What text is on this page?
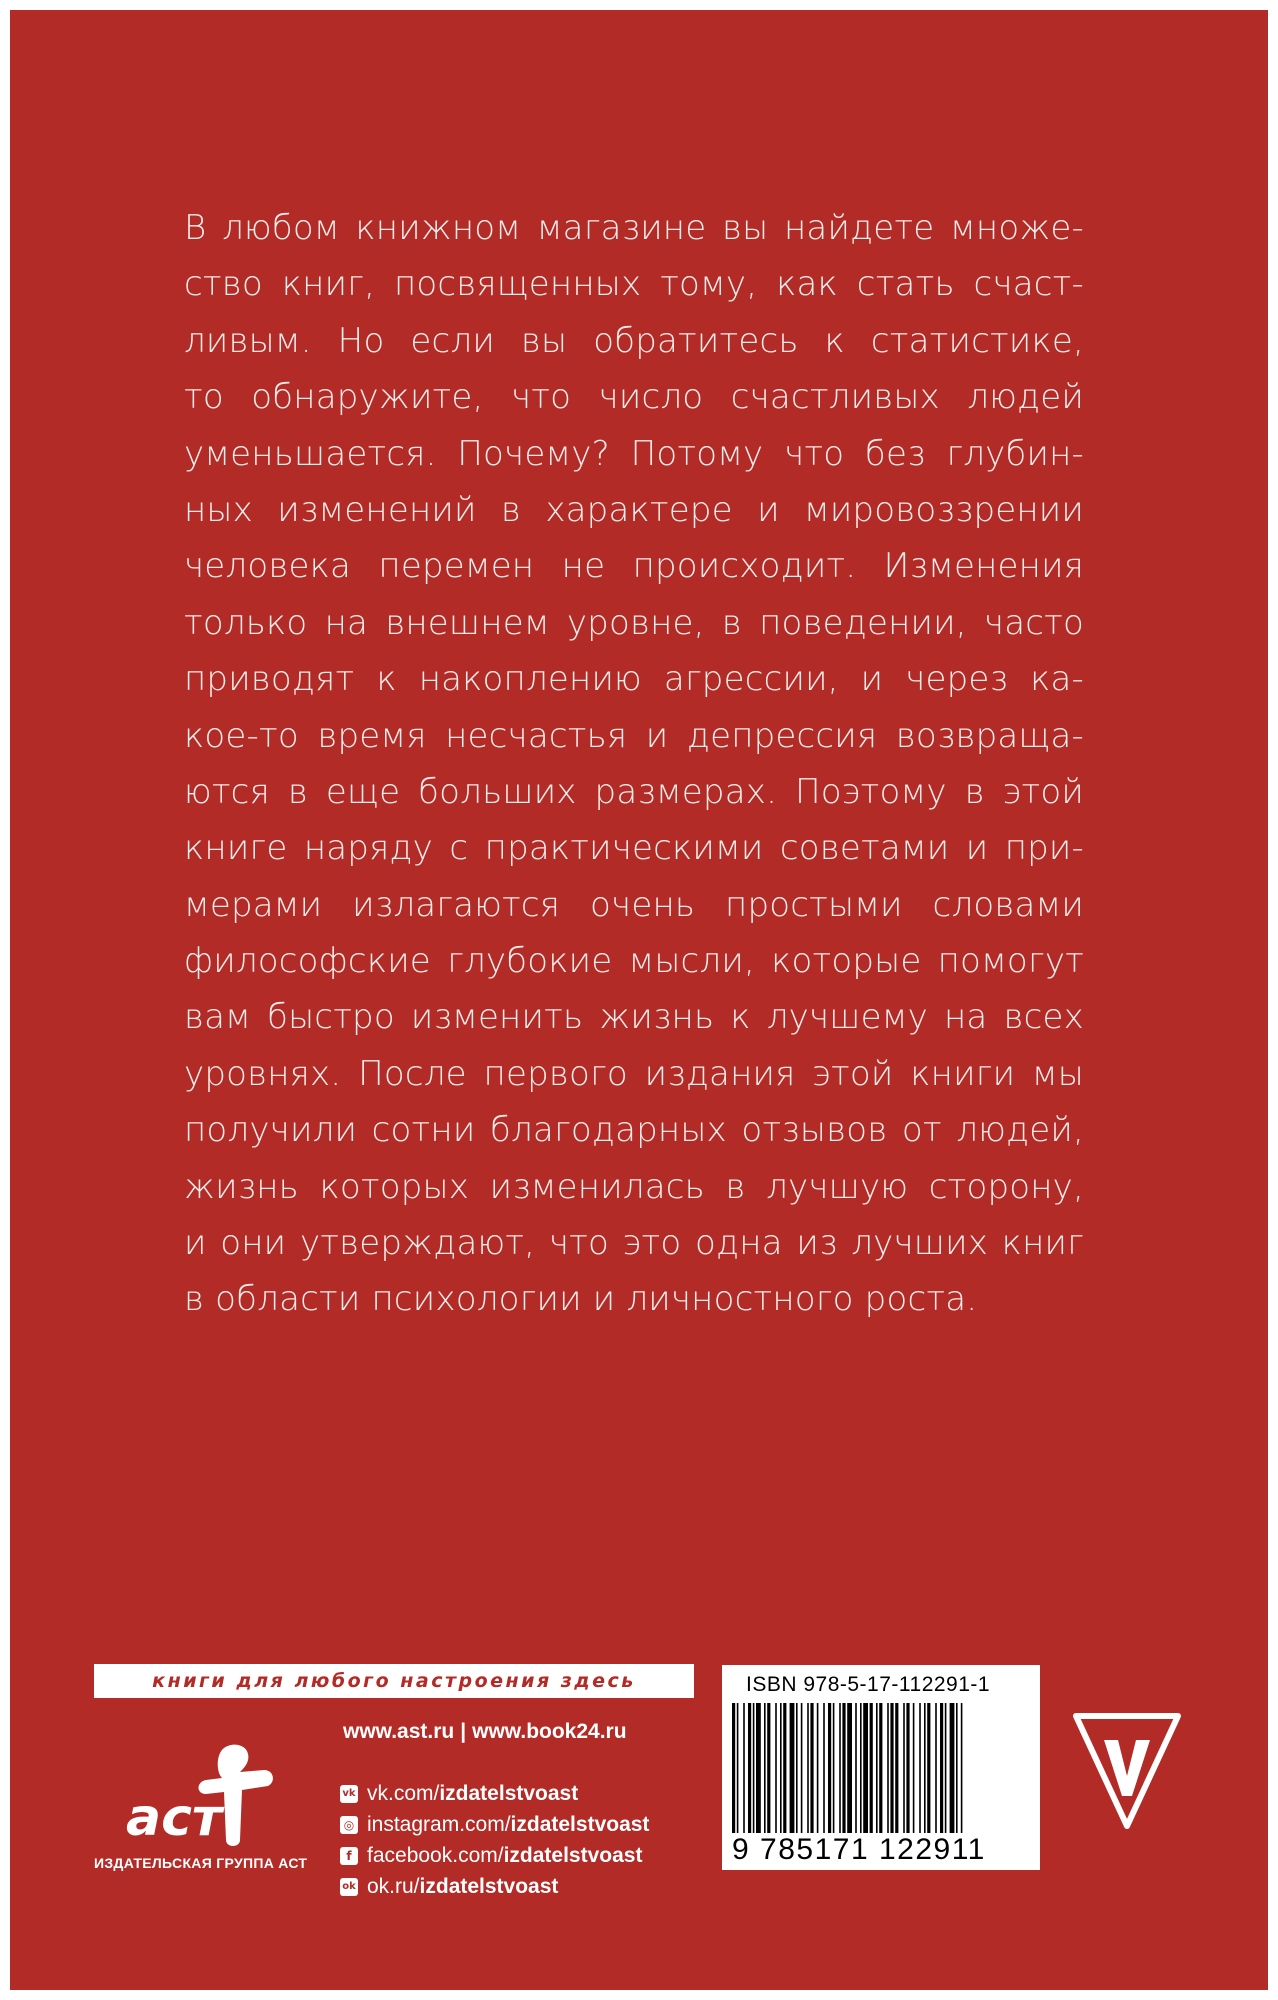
В любом книжном магазине вы найдете множе-
ство книг, посвященных тому, как стать счаст-
ливым. Но если вы обратитесь к статистике,
то обнаружите, что число счастливых людей
уменьшается. Почему? Потому что без глубин-
ных изменений в характере и мировоззрении
человека перемен не происходит. Изменения
только на внешнем уровне, в поведении, часто
приводят к накоплению агрессии, и через ка-
кое-то время несчастья и депрессия возвраща-
ются в еще больших размерах. Поэтому в этой
книге наряду с практическими советами и при-
мерами излагаются очень простыми словами
философские глубокие мысли, которые помогут
вам быстро изменить жизнь к лучшему на всех
уровнях. После первого издания этой книги мы
получили сотни благодарных отзывов от людей,
жизнь которых изменилась в лучшую сторону,
и они утверждают, что это одна из лучших книг
в области психологии и личностного роста.
книги для любого настроения здесь
аст
ИЗДАТЕЛЬСКАЯ ГРУППА АСТ
www.ast.ru | www.book24.ru
vk vk.com/ izdatelstvoast
◎ instagram.com/ izdatelstvoast
f facebook.com/ izdatelstvoast
ok ok.ru/ izdatelstvoast
ISBN 978-5-17-112291-1
9 785171 122911
